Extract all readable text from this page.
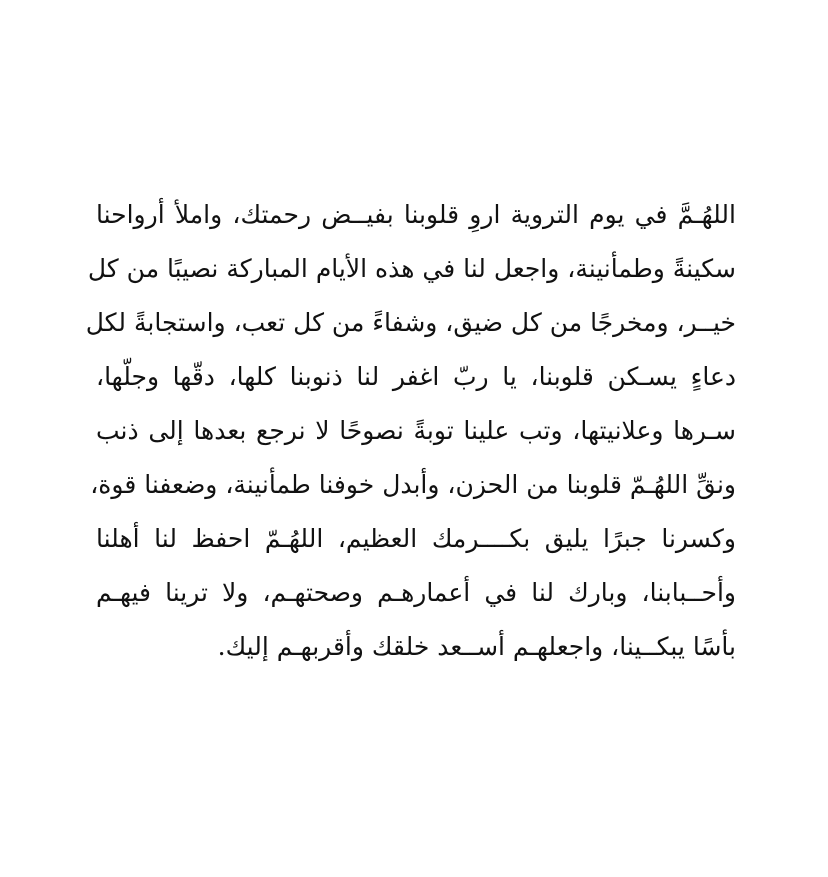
اللهُـمَّ في يوم التروية اروِ قلوبنا بفيــض رحمتك، واملأ أرواحنا
سكينةً وطمأنينة، واجعل لنا في هذه الأيام المباركة نصيبًا من كل
خيــر، ومخرجًا من كل ضيق، وشفاءً من كل تعب، واستجابةً لكل
دعاءٍ يسـكن قلوبنا، يا ربّ اغفر لنا ذنوبنا كلها، دقّها وجلّها،
سـرها وعلانيتها، وتب علينا توبةً نصوحًا لا نرجع بعدها إلى ذنب
ونقِّ اللهُـمّ قلوبنا من الحزن، وأبدل خوفنا طمأنينة، وضعفنا قوة،
وكسرنا جبرًا يليق بكــــرمك العظيم، اللهُـمّ احفظ لنا أهلنا
وأحــبابنا، وبارك لنا في أعمارهـم وصحتهـم، ولا ترينا فيهـم
بأسًا يبكــينا، واجعلهـم أســعد خلقك وأقربهـم إليك.
